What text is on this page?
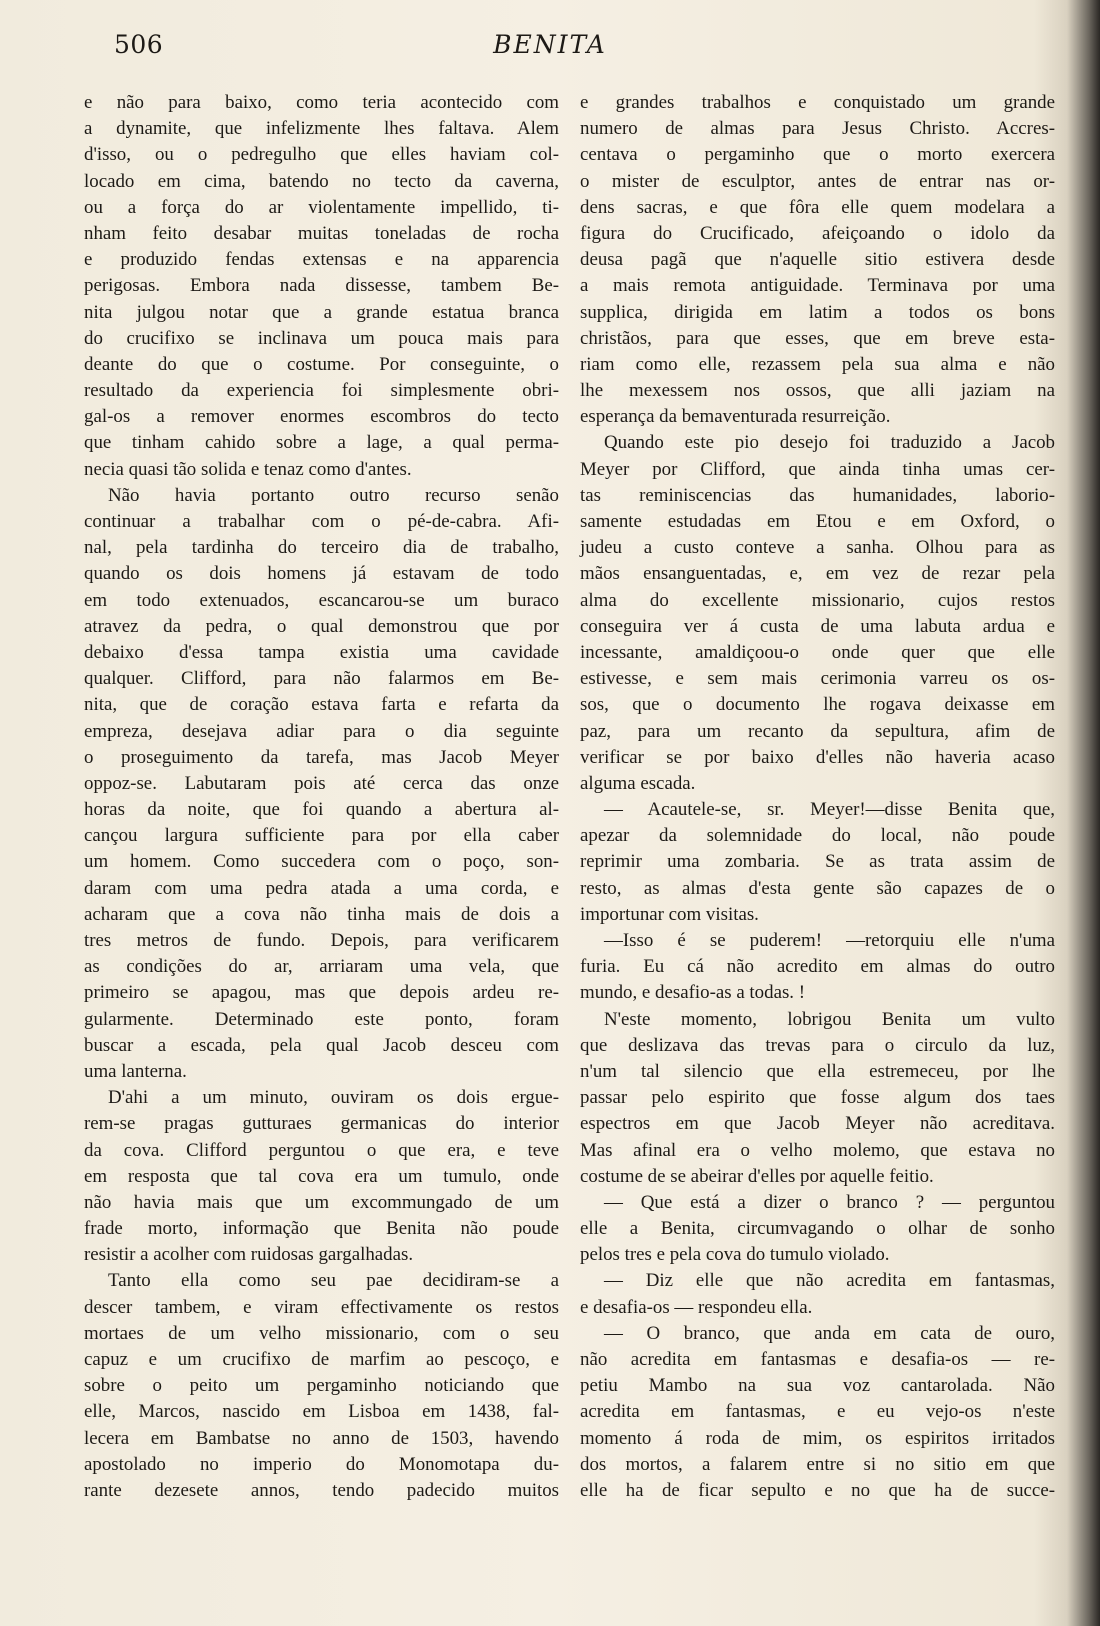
506	BENITA
e não para baixo, como teria acontecido com
a dynamite, que infelizmente lhes faltava. Alem
d'isso, ou o pedregulho que elles haviam col-
locado em cima, batendo no tecto da caverna,
ou a força do ar violentamente impellido, ti-
nham feito desabar muitas toneladas de rocha
e produzido fendas extensas e na apparencia
perigosas. Embora nada dissesse, tambem Be-
nita julgou notar que a grande estatua branca
do crucifixo se inclinava um pouca mais para
deante do que o costume. Por conseguinte, o
resultado da experiencia foi simplesmente obri-
gal-os a remover enormes escombros do tecto
que tinham cahido sobre a lage, a qual perma-
necia quasi tão solida e tenaz como d'antes.
Não havia portanto outro recurso senão
continuar a trabalhar com o pé-de-cabra. Afi-
nal, pela tardinha do terceiro dia de trabalho,
quando os dois homens já estavam de todo
em todo extenuados, escancarou-se um buraco
atravez da pedra, o qual demonstrou que por
debaixo d'essa tampa existia uma cavidade
qualquer. Clifford, para não falarmos em Be-
nita, que de coração estava farta e refarta da
empreza, desejava adiar para o dia seguinte
o proseguimento da tarefa, mas Jacob Meyer
oppoz-se. Labutaram pois até cerca das onze
horas da noite, que foi quando a abertura al-
cançou largura sufficiente para por ella caber
um homem. Como succedera com o poço, son-
daram com uma pedra atada a uma corda, e
acharam que a cova não tinha mais de dois a
tres metros de fundo. Depois, para verificarem
as condições do ar, arriaram uma vela, que
primeiro se apagou, mas que depois ardeu re-
gularmente. Determinado este ponto, foram
buscar a escada, pela qual Jacob desceu com
uma lanterna.
D'ahi a um minuto, ouviram os dois ergue-
rem-se pragas gutturaes germanicas do interior
da cova. Clifford perguntou o que era, e teve
em resposta que tal cova era um tumulo, onde
não havia mais que um excommungado de um
frade morto, informação que Benita não poude
resistir a acolher com ruidosas gargalhadas.
Tanto ella como seu pae decidiram-se a
descer tambem, e viram effectivamente os restos
mortaes de um velho missionario, com o seu
capuz e um crucifixo de marfim ao pescoço, e
sobre o peito um pergaminho noticiando que
elle, Marcos, nascido em Lisboa em 1438, fal-
lecera em Bambatse no anno de 1503, havendo
apostolado no imperio do Monomotapa du-
rante dezesete annos, tendo padecido muitos
e grandes trabalhos e conquistado um grande
numero de almas para Jesus Christo. Accres-
centava o pergaminho que o morto exercera
o mister de esculptor, antes de entrar nas or-
dens sacras, e que fôra elle quem modelara a
figura do Crucificado, afeiçoando o idolo da
deusa pagã que n'aquelle sitio estivera desde
a mais remota antiguidade. Terminava por uma
supplica, dirigida em latim a todos os bons
christãos, para que esses, que em breve esta-
riam como elle, rezassem pela sua alma e não
lhe mexessem nos ossos, que alli jaziam na
esperança da bemaventurada resurreição.
Quando este pio desejo foi traduzido a Jacob
Meyer por Clifford, que ainda tinha umas cer-
tas reminiscencias das humanidades, laborio-
samente estudadas em Etou e em Oxford, o
judeu a custo conteve a sanha. Olhou para as
mãos ensanguentadas, e, em vez de rezar pela
alma do excellente missionario, cujos restos
conseguira ver á custa de uma labuta ardua e
incessante, amaldiçoou-o onde quer que elle
estivesse, e sem mais cerimonia varreu os os-
sos, que o documento lhe rogava deixasse em
paz, para um recanto da sepultura, afim de
verificar se por baixo d'elles não haveria acaso
alguma escada.
— Acautele-se, sr. Meyer!—disse Benita que,
apezar da solemnidade do local, não poude
reprimir uma zombaria. Se as trata assim de
resto, as almas d'esta gente são capazes de o
importunar com visitas.
—Isso é se puderem! —retorquiu elle n'uma
furia. Eu cá não acredito em almas do outro
mundo, e desafio-as a todas. !
N'este momento, lobrigou Benita um vulto
que deslizava das trevas para o circulo da luz,
n'um tal silencio que ella estremeceu, por lhe
passar pelo espirito que fosse algum dos taes
espectros em que Jacob Meyer não acreditava.
Mas afinal era o velho molemo, que estava no
costume de se abeirar d'elles por aquelle feitio.
— Que está a dizer o branco ? — perguntou
elle a Benita, circumvagando o olhar de sonho
pelos tres e pela cova do tumulo violado.
— Diz elle que não acredita em fantasmas,
e desafia-os — respondeu ella.
— O branco, que anda em cata de ouro,
não acredita em fantasmas e desafia-os — re-
petiu Mambo na sua voz cantarolada. Não
acredita em fantasmas, e eu vejo-os n'este
momento á roda de mim, os espiritos irritados
dos mortos, a falarem entre si no sitio em que
elle ha de ficar sepulto e no que ha de succe-
